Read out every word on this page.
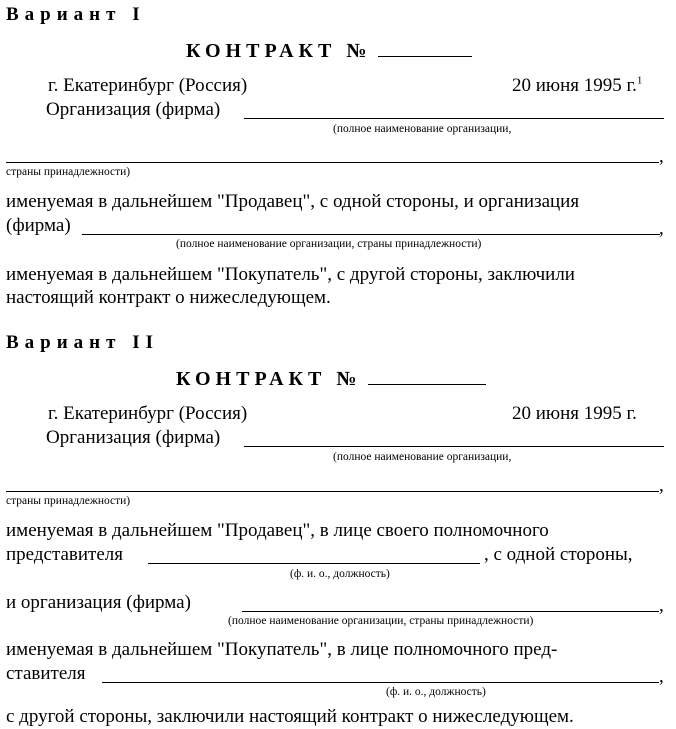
Вариант I
КОНТРАКТ №
г. Екатеринбург (Россия)	20 июня 1995 г.$^1$
Организация (фирма)
(полное наименование организации,
,
страны принадлежности)
именуемая в дальнейшем "Продавец", с одной стороны, и организация
(фирма)	,
(полное наименование организации, страны принадлежности)
именуемая в дальнейшем "Покупатель", с другой стороны, заключили
настоящий контракт о нижеследующем.
Вариант II
КОНТРАКТ №
г. Екатеринбург (Россия)	20 июня 1995 г.
Организация (фирма)
(полное наименование организации,
,
страны принадлежности)
именуемая в дальнейшем "Продавец", в лице своего полномочного
представителя	, с одной стороны,
(ф. и. о., должность)
и организация (фирма)	,
(полное наименование организации, страны принадлежности)
именуемая в дальнейшем "Покупатель", в лице полномочного пред-
ставителя	,
(ф. и. о., должность)
с другой стороны, заключили настоящий контракт о нижеследующем.
